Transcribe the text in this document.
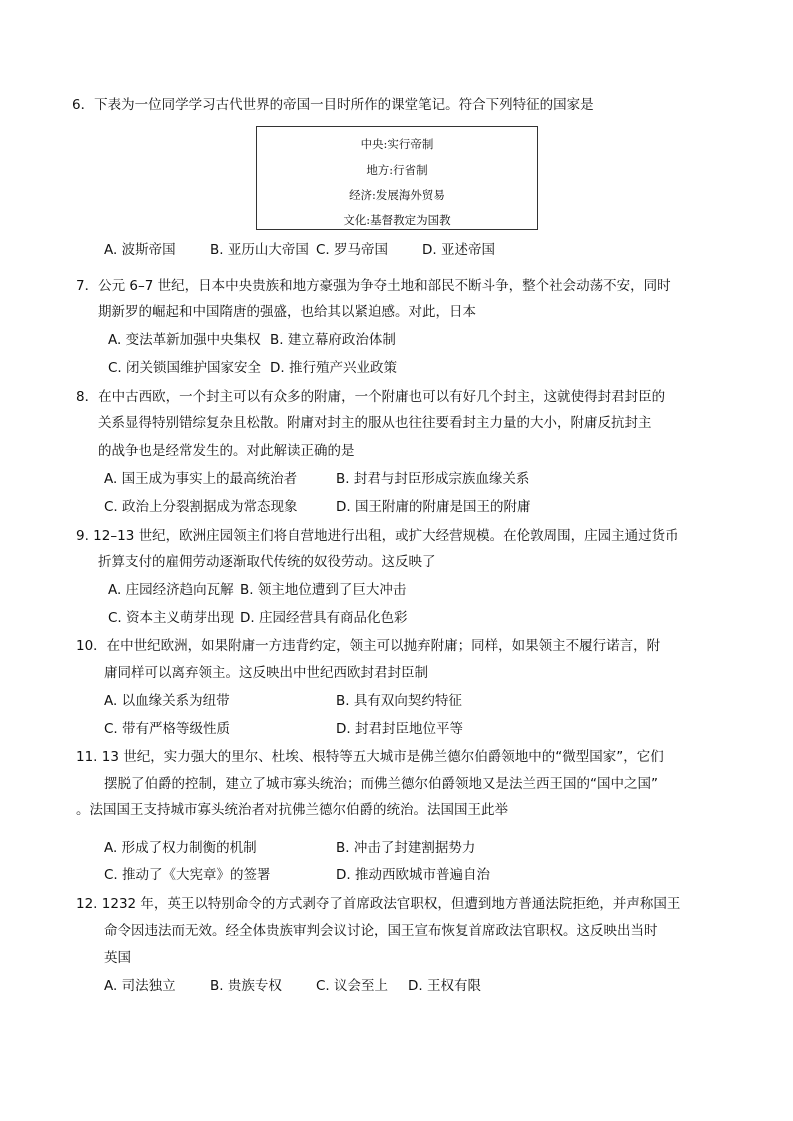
6．下表为一位同学学习古代世界的帝国一目时所作的课堂笔记。符合下列特征的国家是
中央:实行帝制
地方:行省制
经济:发展海外贸易
文化:基督教定为国教
A. 波斯帝国	B. 亚历山大帝国 C. 罗马帝国	D. 亚述帝国
7．公元 6–7 世纪，日本中央贵族和地方豪强为争夺土地和部民不断斗争，整个社会动荡不安，同时
期新罗的崛起和中国隋唐的强盛，也给其以紧迫感。对此，日本
A. 变法革新加强中央集权 B. 建立幕府政治体制
C. 闭关锁国维护国家安全 D. 推行殖产兴业政策
8．在中古西欧，一个封主可以有众多的附庸，一个附庸也可以有好几个封主，这就使得封君封臣的
关系显得特别错综复杂且松散。附庸对封主的服从也往往要看封主力量的大小，附庸反抗封主
的战争也是经常发生的。对此解读正确的是
A. 国王成为事实上的最高统治者	B. 封君与封臣形成宗族血缘关系
C. 政治上分裂割据成为常态现象	D. 国王附庸的附庸是国王的附庸
9. 12–13 世纪，欧洲庄园领主们将自营地进行出租，或扩大经营规模。在伦敦周围，庄园主通过货币
折算支付的雇佣劳动逐渐取代传统的奴役劳动。这反映了
A. 庄园经济趋向瓦解 B. 领主地位遭到了巨大冲击
C. 资本主义萌芽出现 D. 庄园经营具有商品化色彩
10．在中世纪欧洲，如果附庸一方违背约定，领主可以抛弃附庸；同样，如果领主不履行诺言，附
庸同样可以离弃领主。这反映出中世纪西欧封君封臣制
A. 以血缘关系为纽带	B. 具有双向契约特征
C. 带有严格等级性质	D. 封君封臣地位平等
11. 13 世纪，实力强大的里尔、杜埃、根特等五大城市是佛兰德尔伯爵领地中的“微型国家”，它们
摆脱了伯爵的控制，建立了城市寡头统治；而佛兰德尔伯爵领地又是法兰西王国的“国中之国”
。法国国王支持城市寡头统治者对抗佛兰德尔伯爵的统治。法国国王此举
A. 形成了权力制衡的机制	B. 冲击了封建割据势力
C. 推动了《大宪章》的签署	D. 推动西欧城市普遍自治
12. 1232 年，英王以特别命令的方式剥夺了首席政法官职权，但遭到地方普通法院拒绝，并声称国王
命令因违法而无效。经全体贵族审判会议讨论，国王宣布恢复首席政法官职权。这反映出当时
英国
A. 司法独立	B. 贵族专权	C. 议会至上 D. 王权有限
